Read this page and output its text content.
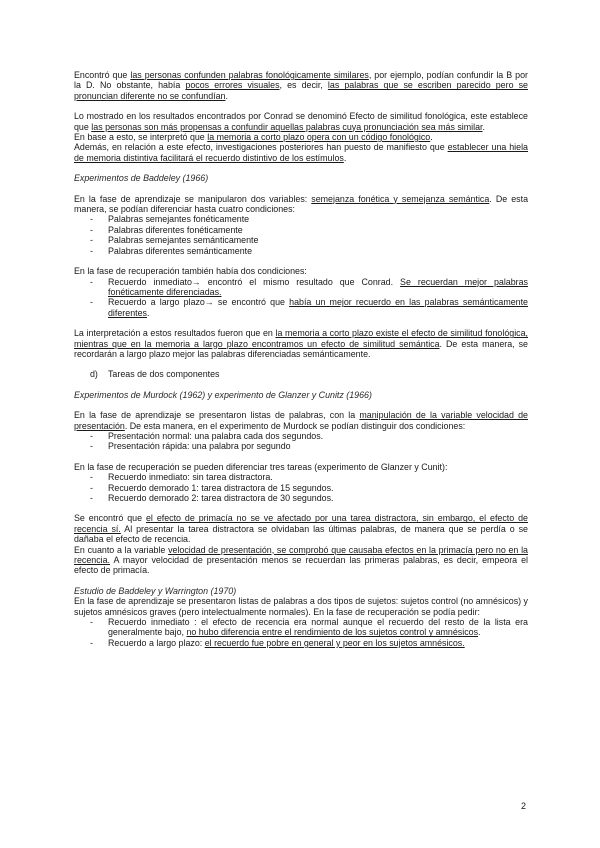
Encontró que las personas confunden palabras fonológicamente similares, por ejemplo, podían confundir la B por la D. No obstante, había pocos errores visuales, es decir, las palabras que se escriben parecido pero se pronuncian diferente no se confundían.

Lo mostrado en los resultados encontrados por Conrad se denominó Efecto de similitud fonológica, este establece que las personas son más propensas a confundir aquellas palabras cuya pronunciación sea más similar.

En base a esto, se interpretó que la memoria a corto plazo opera con un código fonológico.

Además, en relación a este efecto, investigaciones posteriores han puesto de manifiesto que establecer una hiela de memoria distintiva facilitará el recuerdo distintivo de los estímulos.

Experimentos de Baddeley (1966)

En la fase de aprendizaje se manipularon dos variables: semejanza fonética y semejanza semántica. De esta manera, se podían diferenciar hasta cuatro condiciones:

- Palabras semejantes fonéticamente
- Palabras diferentes fonéticamente
- Palabras semejantes semánticamente
- Palabras diferentes semánticamente

En la fase de recuperación también había dos condiciones:

- Recuerdo inmediato→ encontró el mismo resultado que Conrad. Se recuerdan mejor palabras fonéticamente diferenciadas.
- Recuerdo a largo plazo→ se encontró que había un mejor recuerdo en las palabras semánticamente diferentes.

La interpretación a estos resultados fueron que en la memoria a corto plazo existe el efecto de similitud fonológica, mientras que en la memoria a largo plazo encontramos un efecto de similitud semántica. De esta manera, se recordarán a largo plazo mejor las palabras diferenciadas semánticamente.

d) Tareas de dos componentes

Experimentos de Murdock (1962) y experimento de Glanzer y Cunitz (1966)

En la fase de aprendizaje se presentaron listas de palabras, con la manipulación de la variable velocidad de presentación. De esta manera, en el experimento de Murdock se podían distinguir dos condiciones:

- Presentación normal: una palabra cada dos segundos.
- Presentación rápida: una palabra por segundo

En la fase de recuperación se pueden diferenciar tres tareas (experimento de Glanzer y Cunit):

- Recuerdo inmediato: sin tarea distractora.
- Recuerdo demorado 1: tarea distractora de 15 segundos.
- Recuerdo demorado 2: tarea distractora de 30 segundos.

Se encontró que el efecto de primacía no se ve afectado por una tarea distractora, sin embargo, el efecto de recencia sí. Al presentar la tarea distractora se olvidaban las últimas palabras, de manera que se perdía o se dañaba el efecto de recencia.

En cuanto a la variable velocidad de presentación, se comprobó que causaba efectos en la primacía pero no en la recencia. A mayor velocidad de presentación menos se recuerdan las primeras palabras, es decir, empeora el efecto de primacía.

Estudio de Baddeley y Warrington (1970)

En la fase de aprendizaje se presentaron listas de palabras a dos tipos de sujetos: sujetos control (no amnésicos) y sujetos amnésicos graves (pero intelectualmente normales). En la fase de recuperación se podía pedir:

- Recuerdo inmediato : el efecto de recencia era normal aunque el recuerdo del resto de la lista era generalmente bajo, no hubo diferencia entre el rendimiento de los sujetos control y amnésicos.
- Recuerdo a largo plazo: el recuerdo fue pobre en general y peor en los sujetos amnésicos.
2
